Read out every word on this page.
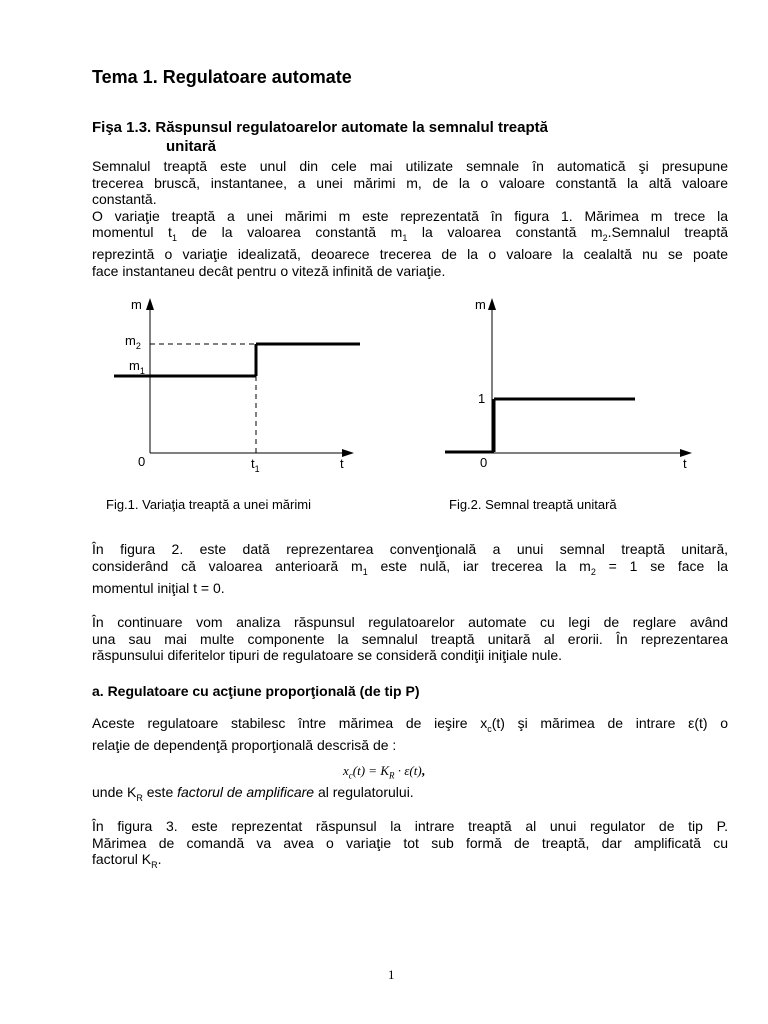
Tema 1. Regulatoare automate
Fişa 1.3. Răspunsul regulatoarelor automate la semnalul treaptă
unitară
Semnalul treaptă este unul din cele mai utilizate semnale în automatică şi presupune
trecerea bruscă, instantanee, a unei mărimi m, de la o valoare constantă la altă valoare
constantă.
O variaţie treaptă a unei mărimi m este reprezentată în figura 1. Mărimea m trece la
momentul $t_1$ de la valoarea constantă $m_1$ la valoarea constantă $m_2.Semnalul$ treaptă
reprezintă o variaţie idealizată, deoarece trecerea de la o valoare la cealaltă nu se poate
face instantaneu decât pentru o viteză infinită de variaţie.
m
$m_2$
$m_1$
0	$t_1$	t
m
1
0	t
Fig.1. Variaţia treaptă a unei mărimi	Fig.2. Semnal treaptă unitară
În figura 2. este dată reprezentarea convenţională a unui semnal treaptă unitară,
considerând că valoarea anterioară $m_1$ este nulă, iar trecerea la $m_2 = 1$ se face la
momentul iniţial t = 0.
În continuare vom analiza răspunsul regulatoarelor automate cu legi de reglare având
una sau mai multe componente la semnalul treaptă unitară al erorii. În reprezentarea
răspunsului diferitelor tipuri de regulatoare se consideră condiţii iniţiale nule.
a. Regulatoare cu acţiune proporţională (de tip P)
Aceste regulatoare stabilesc între mărimea de ieşire $x_c(t)$ şi mărimea de intrare ε(t) o
relaţie de dependenţă proporţională descrisă de :
$x_c(t) = K_R \cdot \varepsilon(t)$,
unde $K_R$ este factorul de amplificare al regulatorului.
În figura 3. este reprezentat răspunsul la intrare treaptă al unui regulator de tip P.
Mărimea de comandă va avea o variaţie tot sub formă de treaptă, dar amplificată cu
factorul $K_R$.
1
